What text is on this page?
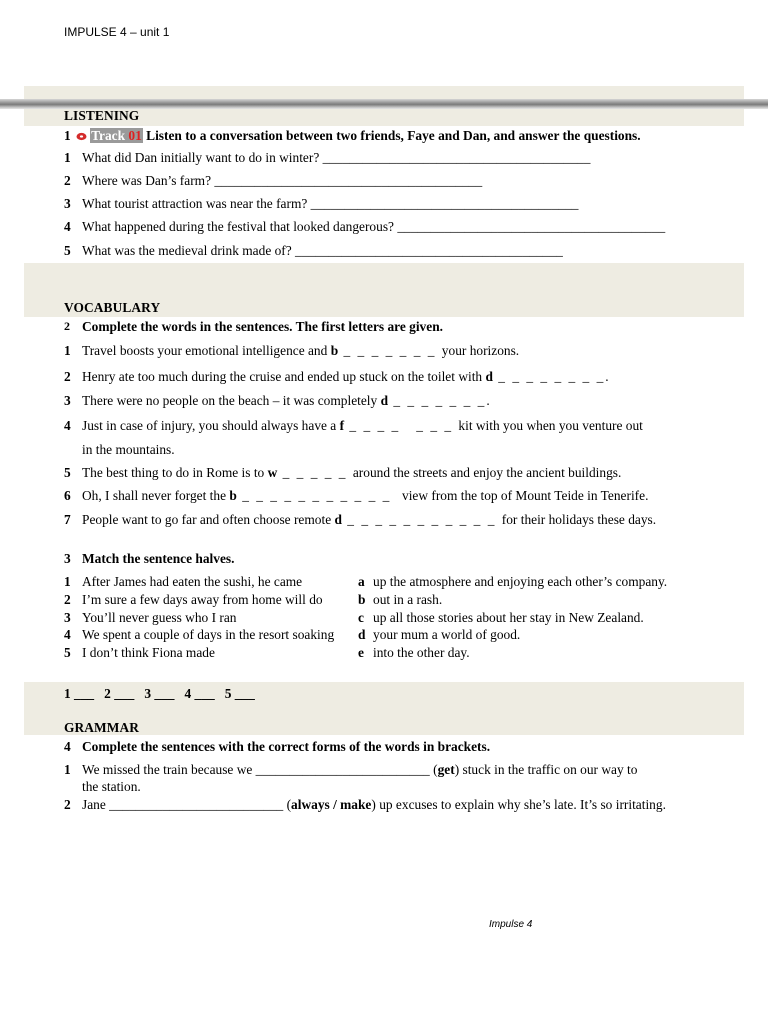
IMPULSE 4 – unit 1
LISTENING
1 Track 01 Listen to a conversation between two friends, Faye and Dan, and answer the questions.
1 What did Dan initially want to do in winter? ________________________________________
2 Where was Dan’s farm? ________________________________________
3 What tourist attraction was near the farm? ________________________________________
4 What happened during the festival that looked dangerous? ________________________________________
5 What was the medieval drink made of? ________________________________________
VOCABULARY
2 Complete the words in the sentences. The first letters are given.
1 Travel boosts your emotional intelligence and b _ _ _ _ _ _ _ your horizons.
2 Henry ate too much during the cruise and ended up stuck on the toilet with d _ _ _ _ _ _ _ _.
3 There were no people on the beach – it was completely d _ _ _ _ _ _ _.
4 Just in case of injury, you should always have a f _ _ _ _   _ _ _ kit with you when you venture out
in the mountains.
5 The best thing to do in Rome is to w _ _ _ _ _ around the streets and enjoy the ancient buildings.
6 Oh, I shall never forget the b _ _ _ _ _ _ _ _ _ _ _  view from the top of Mount Teide in Tenerife.
7 People want to go far and often choose remote d _ _ _ _ _ _ _ _ _ _ _ for their holidays these days.
3 Match the sentence halves.
1 After James had eaten the sushi, he came
2 I’m sure a few days away from home will do
3 You’ll never guess who I ran
4 We spent a couple of days in the resort soaking
5 I don’t think Fiona made
a up the atmosphere and enjoying each other’s company.
b out in a rash.
c up all those stories about her stay in New Zealand.
d your mum a world of good.
e into the other day.
1 ___   2 ___   3 ___   4 ___   5 ___
GRAMMAR
4 Complete the sentences with the correct forms of the words in brackets.
1 We missed the train because we __________________________ (get) stuck in the traffic on our way to
the station.
2 Jane __________________________ (always / make) up excuses to explain why she’s late. It’s so irritating.
Impulse 4
